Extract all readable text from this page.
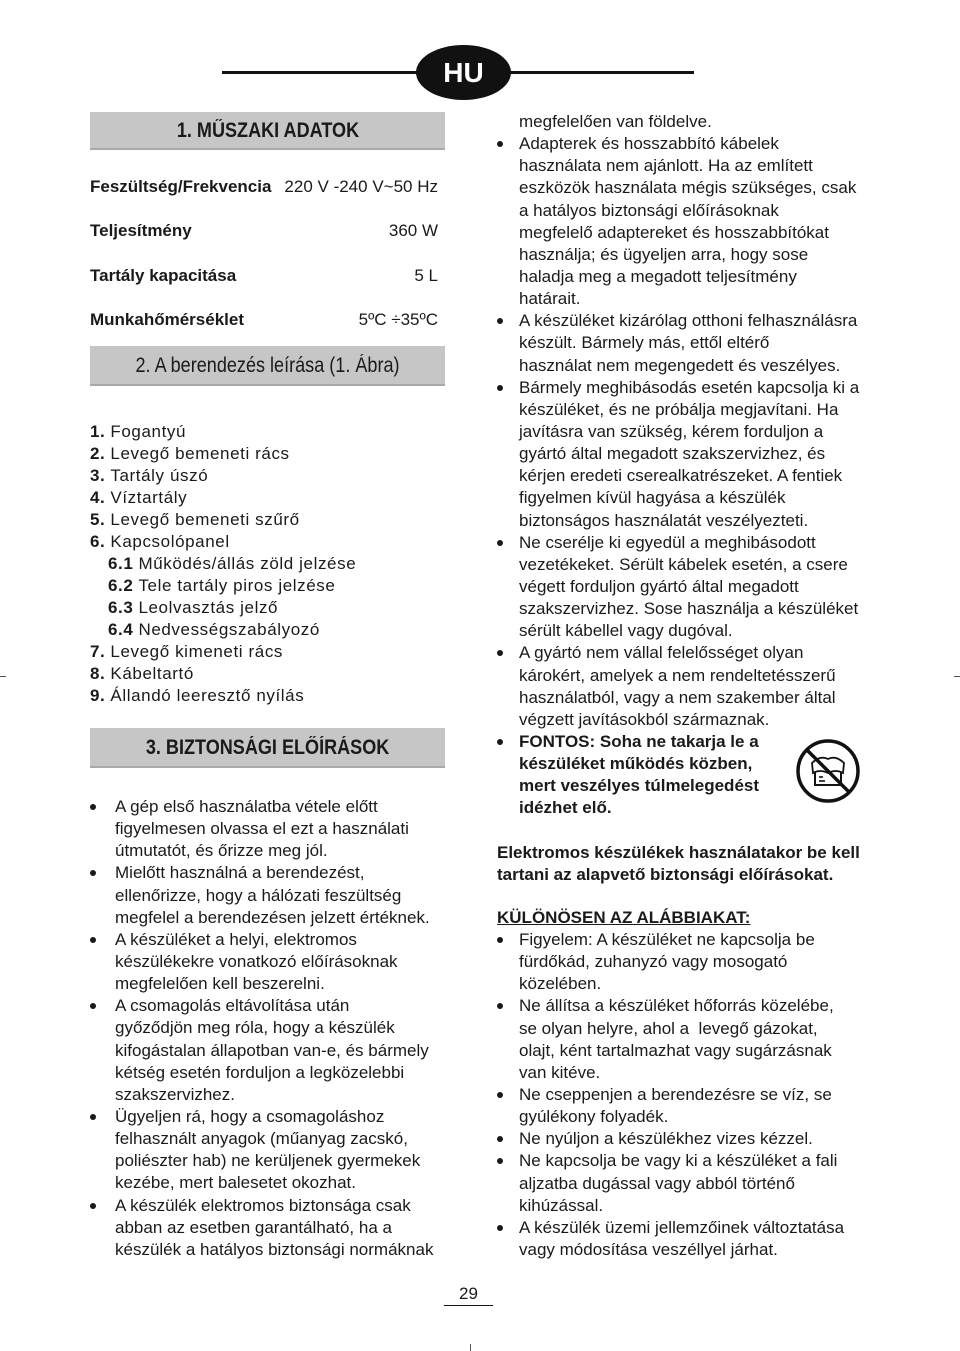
HU
1. MŰSZAKI ADATOK
Feszültség/Frekvencia 220 V -240 V~50 Hz
Teljesítmény	360 W
Tartály kapacitása	5 L
Munkahőmérséklet	5ºC ÷35ºC
2. A berendezés leírása (1. Ábra)
1. Fogantyú
2. Levegő bemeneti rács
3. Tartály úszó
4. Víztartály
5. Levegő bemeneti szűrő
6. Kapcsolópanel
6.1 Működés/állás zöld jelzése
6.2 Tele tartály piros jelzése
6.3 Leolvasztás jelző
6.4 Nedvességszabályozó
7. Levegő kimeneti rács
8. Kábeltartó
9. Állandó leeresztő nyílás
3. BIZTONSÁGI ELŐÍRÁSOK
A gép első használatba vétele előtt
figyelmesen olvassa el ezt a használati
útmutatót, és őrizze meg jól.
Mielőtt használná a berendezést,
ellenőrizze, hogy a hálózati feszültség
megfelel a berendezésen jelzett értéknek.
A készüléket a helyi, elektromos
készülékekre vonatkozó előírásoknak
megfelelően kell beszerelni.
A csomagolás eltávolítása után
győződjön meg róla, hogy a készülék
kifogástalan állapotban van-e, és bármely
kétség esetén forduljon a legközelebbi
szakszervizhez.
Ügyeljen rá, hogy a csomagoláshoz
felhasznált anyagok (műanyag zacskó,
poliészter hab) ne kerüljenek gyermekek
kezébe, mert balesetet okozhat.
A készülék elektromos biztonsága csak
abban az esetben garantálható, ha a
készülék a hatályos biztonsági normáknak
megfelelően van földelve.
Adapterek és hosszabbító kábelek
használata nem ajánlott. Ha az említett
eszközök használata mégis szükséges, csak
a hatályos biztonsági előírásoknak
megfelelő adaptereket és hosszabbítókat
használja; és ügyeljen arra, hogy sose
haladja meg a megadott teljesítmény
határait.
A készüléket kizárólag otthoni felhasználásra
készült. Bármely más, ettől eltérő
használat nem megengedett és veszélyes.
Bármely meghibásodás esetén kapcsolja ki a
készüléket, és ne próbálja megjavítani. Ha
javításra van szükség, kérem forduljon a
gyártó által megadott szakszervizhez, és
kérjen eredeti cserealkatrészeket. A fentiek
figyelmen kívül hagyása a készülék
biztonságos használatát veszélyezteti.
Ne cserélje ki egyedül a meghibásodott
vezetékeket. Sérült kábelek esetén, a csere
végett forduljon gyártó által megadott
szakszervizhez. Sose használja a készüléket
sérült kábellel vagy dugóval.
A gyártó nem vállal felelősséget olyan
károkért, amelyek a nem rendeltetésszerű
használatból, vagy a nem szakember által
végzett javításokból származnak.
FONTOS: Soha ne takarja le a
készüléket működés közben,
mert veszélyes túlmelegedést
idézhet elő.
Elektromos készülékek használatakor be kell
tartani az alapvető biztonsági előírásokat.
KÜLÖNÖSEN AZ ALÁBBIAKAT:
Figyelem: A készüléket ne kapcsolja be
fürdőkád, zuhanyzó vagy mosogató
közelében.
Ne állítsa a készüléket hőforrás közelébe,
se olyan helyre, ahol a  levegő gázokat,
olajt, ként tartalmazhat vagy sugárzásnak
van kitéve.
Ne cseppenjen a berendezésre se víz, se
gyúlékony folyadék.
Ne nyúljon a készülékhez vizes kézzel.
Ne kapcsolja be vagy ki a készüléket a fali
aljzatba dugással vagy abból történő
kihúzással.
A készülék üzemi jellemzőinek változtatása
vagy módosítása veszéllyel járhat.
29
